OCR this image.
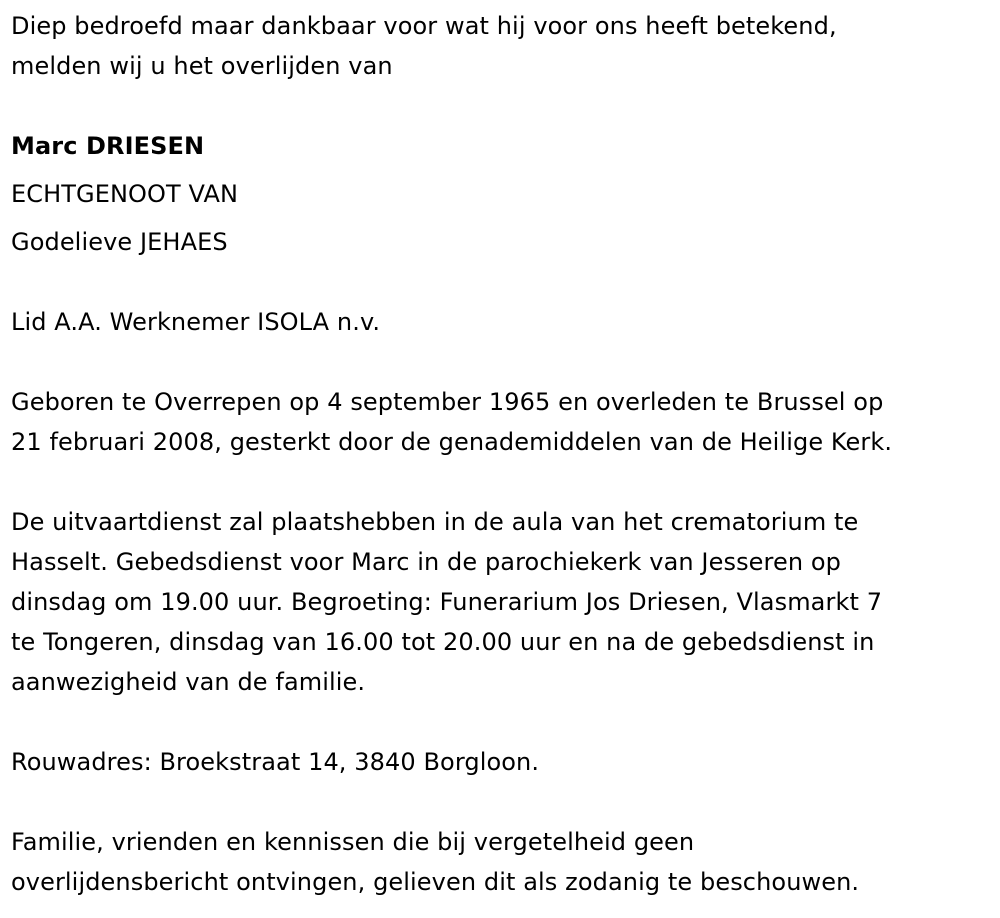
Diep bedroefd maar dankbaar voor wat hij voor ons heeft betekend,
melden wij u het overlijden van
Marc DRIESEN
ECHTGENOOT VAN
Godelieve JEHAES
Lid A.A. Werknemer ISOLA n.v.
Geboren te Overrepen op 4 september 1965 en overleden te Brussel op
21 februari 2008, gesterkt door de genademiddelen van de Heilige Kerk.
De uitvaartdienst zal plaatshebben in de aula van het crematorium te
Hasselt. Gebedsdienst voor Marc in de parochiekerk van Jesseren op
dinsdag om 19.00 uur. Begroeting: Funerarium Jos Driesen, Vlasmarkt 7
te Tongeren, dinsdag van 16.00 tot 20.00 uur en na de gebedsdienst in
aanwezigheid van de familie.
Rouwadres: Broekstraat 14, 3840 Borgloon.
Familie, vrienden en kennissen die bij vergetelheid geen
overlijdensbericht ontvingen, gelieven dit als zodanig te beschouwen.
